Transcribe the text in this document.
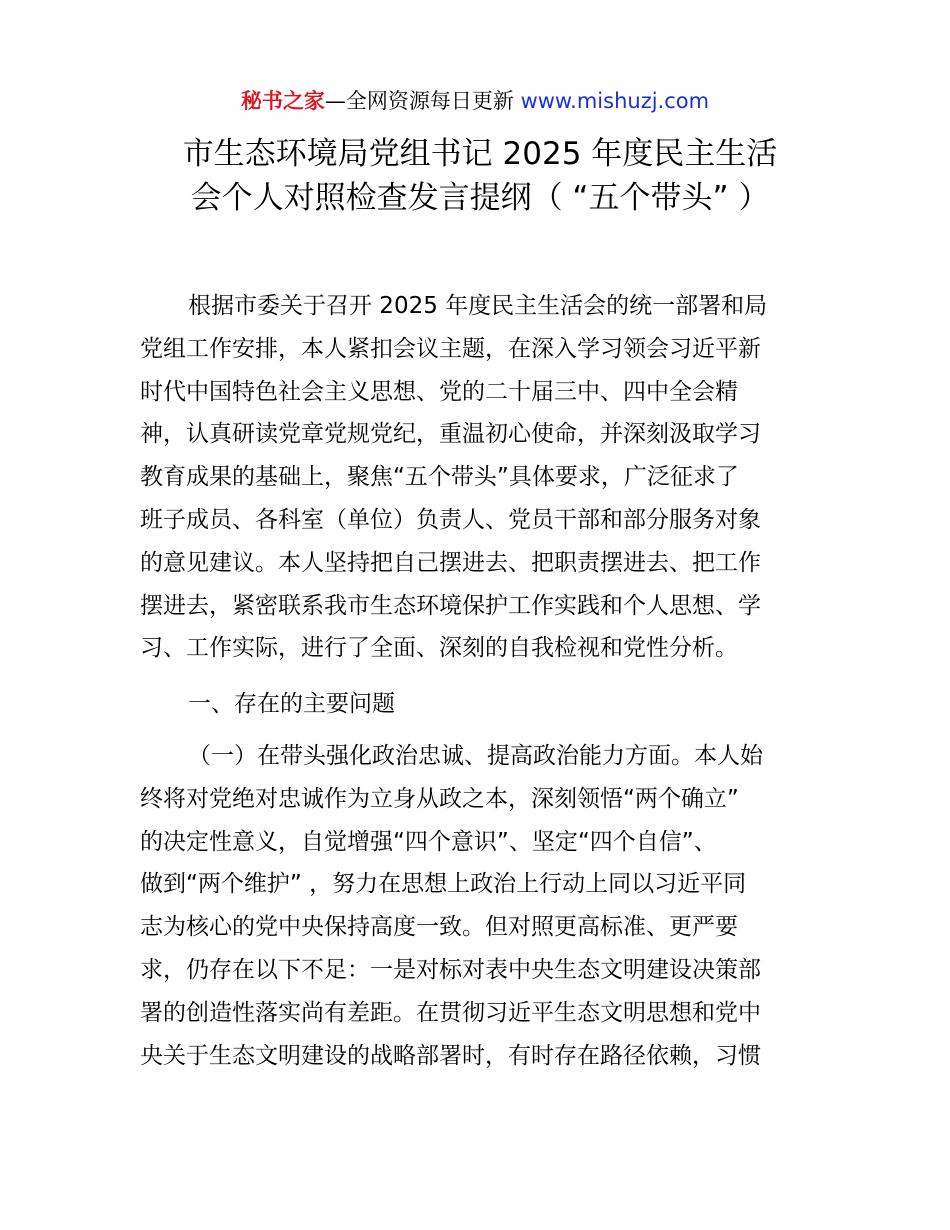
秘书之家—全网资源每日更新 www.mishuzj.com
市生态环境局党组书记 2025 年度民主生活
会个人对照检查发言提纲（ “五个带头” ）
根据市委关于召开 2025 年度民主生活会的统一部署和局
党组工作安排，本人紧扣会议主题，在深入学习领会习近平新
时代中国特色社会主义思想、党的二十届三中、四中全会精
神，认真研读党章党规党纪，重温初心使命，并深刻汲取学习
教育成果的基础上，聚焦“五个带头”具体要求，广泛征求了
班子成员、各科室（单位）负责人、党员干部和部分服务对象
的意见建议。本人坚持把自己摆进去、把职责摆进去、把工作
摆进去，紧密联系我市生态环境保护工作实践和个人思想、学
习、工作实际，进行了全面、深刻的自我检视和党性分析。
一、存在的主要问题
（一）在带头强化政治忠诚、提高政治能力方面。本人始
终将对党绝对忠诚作为立身从政之本，深刻领悟“两个确立”
的决定性意义，自觉增强“四个意识”、坚定“四个自信”、
做到“两个维护” ，努力在思想上政治上行动上同以习近平同
志为核心的党中央保持高度一致。但对照更高标准、更严要
求，仍存在以下不足：一是对标对表中央生态文明建设决策部
署的创造性落实尚有差距。在贯彻习近平生态文明思想和党中
央关于生态文明建设的战略部署时，有时存在路径依赖，习惯
